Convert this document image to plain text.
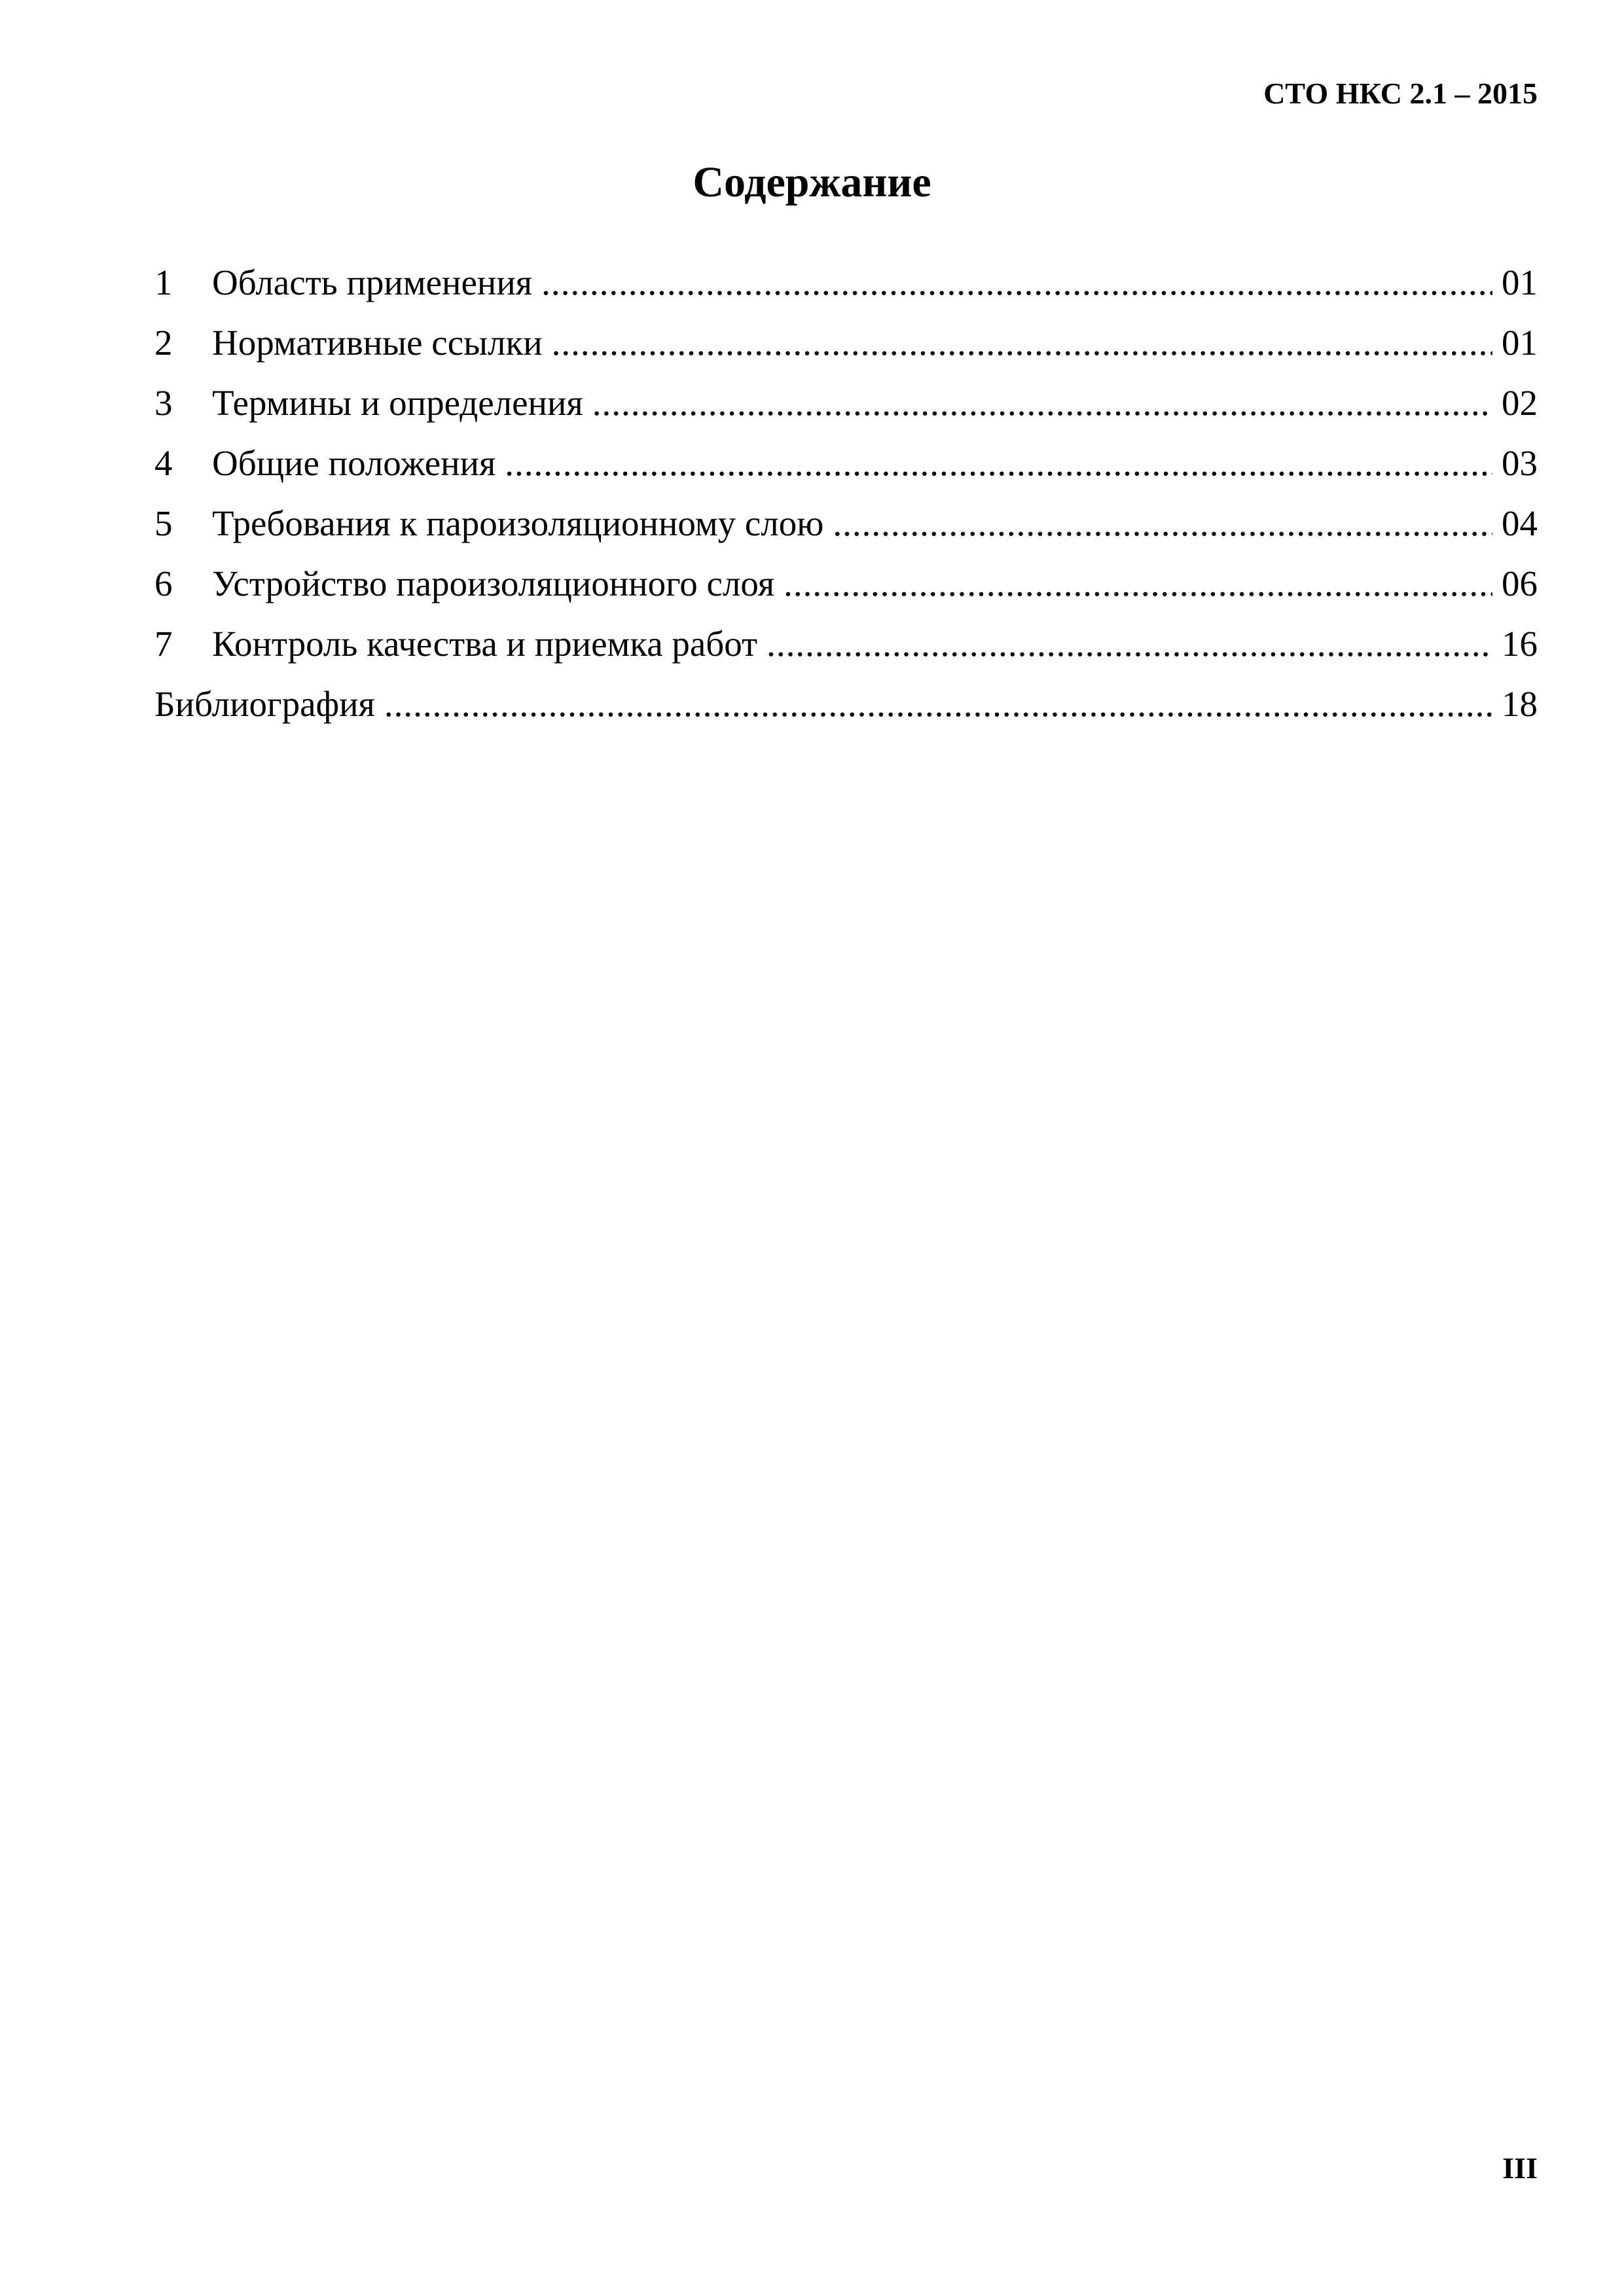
СТО НКС 2.1 – 2015
Содержание
1	Область применения .....	01
2	Нормативные ссылки .....	01
3	Термины и определения .....	02
4	Общие положения .....	03
5	Требования к пароизоляционному слою .....	04
6	Устройство пароизоляционного слоя .....	06
7	Контроль качества и приемка работ .....	16
Библиография .....	18
III
